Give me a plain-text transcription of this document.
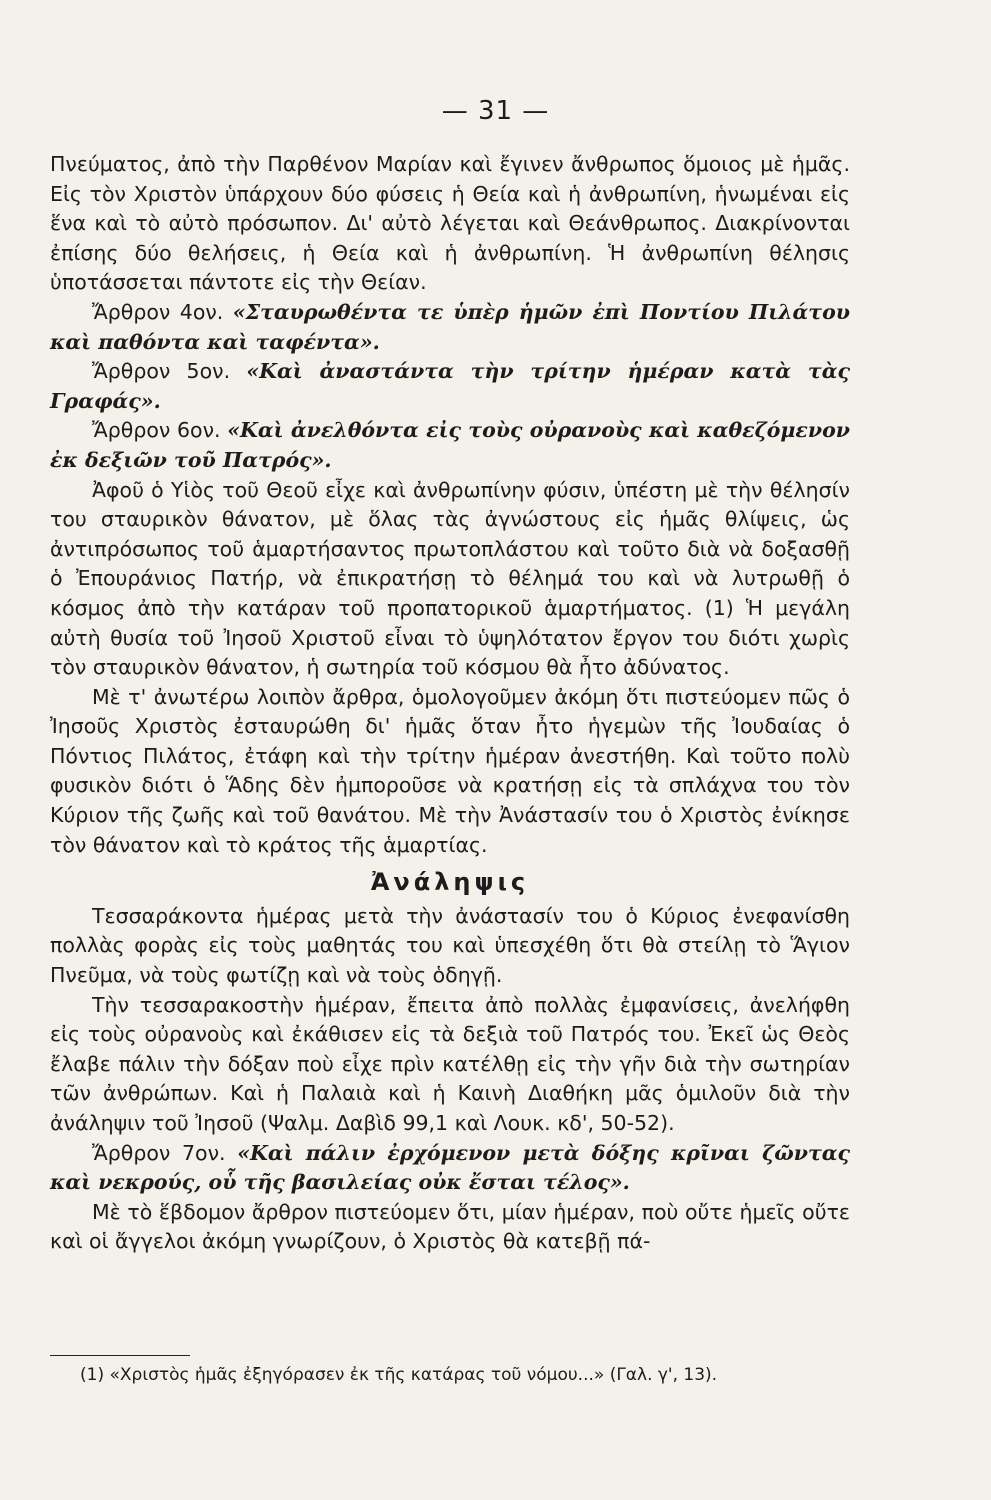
— 31 —

Πνεύματος, ἀπὸ τὴν Παρθένον Μαρίαν καὶ ἔγινεν ἄνθρωπος ὅμοιος μὲ ἡμᾶς. Εἰς τὸν Χριστὸν ὑπάρχουν δύο φύσεις ἡ Θεία καὶ ἡ ἀνθρωπίνη, ἡνωμέναι εἰς ἕνα καὶ τὸ αὐτὸ πρόσωπον. Δι' αὐτὸ λέγεται καὶ Θεάνθρωπος. Διακρίνονται ἐπίσης δύο θελήσεις, ἡ Θεία καὶ ἡ ἀνθρωπίνη. Ἡ ἀνθρωπίνη θέλησις ὑποτάσσεται πάντοτε εἰς τὴν Θείαν.

Ἄρθρον 4ον. «Σταυρωθέντα τε ὑπὲρ ἡμῶν ἐπὶ Ποντίου Πιλάτου καὶ παθόντα καὶ ταφέντα».

Ἄρθρον 5ον. «Καὶ ἀναστάντα τὴν τρίτην ἡμέραν κατὰ τὰς Γραφάς».

Ἄρθρον 6ον. «Καὶ ἀνελθόντα εἰς τοὺς οὐρανοὺς καὶ καθεζόμενον ἐκ δεξιῶν τοῦ Πατρός».

Ἀφοῦ ὁ Υἱὸς τοῦ Θεοῦ εἶχε καὶ ἀνθρωπίνην φύσιν, ὑπέστη μὲ τὴν θέλησίν του σταυρικὸν θάνατον, μὲ ὅλας τὰς ἀγνώστους εἰς ἡμᾶς θλίψεις, ὡς ἀντιπρόσωπος τοῦ ἁμαρτήσαντος πρωτοπλάστου καὶ τοῦτο διὰ νὰ δοξασθῇ ὁ Ἐπουράνιος Πατήρ, νὰ ἐπικρατήσῃ τὸ θέλημά του καὶ νὰ λυτρωθῇ ὁ κόσμος ἀπὸ τὴν κατάραν τοῦ προπατορικοῦ ἁμαρτήματος. (1) Ἡ μεγάλη αὐτὴ θυσία τοῦ Ἰησοῦ Χριστοῦ εἶναι τὸ ὑψηλότατον ἔργον του διότι χωρὶς τὸν σταυρικὸν θάνατον, ἡ σωτηρία τοῦ κόσμου θὰ ἦτο ἀδύνατος.

Μὲ τ' ἀνωτέρω λοιπὸν ἄρθρα, ὁμολογοῦμεν ἀκόμη ὅτι πιστεύομεν πῶς ὁ Ἰησοῦς Χριστὸς ἐσταυρώθη δι' ἡμᾶς ὅταν ἦτο ἡγεμὼν τῆς Ἰουδαίας ὁ Πόντιος Πιλάτος, ἐτάφη καὶ τὴν τρίτην ἡμέραν ἀνεστήθη. Καὶ τοῦτο πολὺ φυσικὸν διότι ὁ Ἅδης δὲν ἠμποροῦσε νὰ κρατήσῃ εἰς τὰ σπλάχνα του τὸν Κύριον τῆς ζωῆς καὶ τοῦ θανάτου. Μὲ τὴν Ἀνάστασίν του ὁ Χριστὸς ἐνίκησε τὸν θάνατον καὶ τὸ κράτος τῆς ἁμαρτίας.

Ἀνάληψις

Τεσσαράκοντα ἡμέρας μετὰ τὴν ἀνάστασίν του ὁ Κύριος ἐνεφανίσθη πολλὰς φορὰς εἰς τοὺς μαθητάς του καὶ ὑπεσχέθη ὅτι θὰ στείλῃ τὸ Ἅγιον Πνεῦμα, νὰ τοὺς φωτίζῃ καὶ νὰ τοὺς ὁδηγῇ.

Τὴν τεσσαρακοστὴν ἡμέραν, ἔπειτα ἀπὸ πολλὰς ἐμφανίσεις, ἀνελήφθη εἰς τοὺς οὐρανοὺς καὶ ἐκάθισεν εἰς τὰ δεξιὰ τοῦ Πατρός του. Ἐκεῖ ὡς Θεὸς ἔλαβε πάλιν τὴν δόξαν ποὺ εἶχε πρὶν κατέλθῃ εἰς τὴν γῆν διὰ τὴν σωτηρίαν τῶν ἀνθρώπων. Καὶ ἡ Παλαιὰ καὶ ἡ Καινὴ Διαθήκη μᾶς ὁμιλοῦν διὰ τὴν ἀνάληψιν τοῦ Ἰησοῦ (Ψαλμ. Δαβὶδ 99,1 καὶ Λουκ. κδ', 50-52).

Ἄρθρον 7ον. «Καὶ πάλιν ἐρχόμενον μετὰ δόξης κρῖναι ζῶντας καὶ νεκρούς, οὗ τῆς βασιλείας οὐκ ἔσται τέλος».

Μὲ τὸ ἕβδομον ἄρθρον πιστεύομεν ὅτι, μίαν ἡμέραν, ποὺ οὔτε ἡμεῖς οὔτε καὶ οἱ ἄγγελοι ἀκόμη γνωρίζουν, ὁ Χριστὸς θὰ κατεβῇ πά-

(1) «Χριστὸς ἡμᾶς ἐξηγόρασεν ἐκ τῆς κατάρας τοῦ νόμου...» (Γαλ. γ', 13).
